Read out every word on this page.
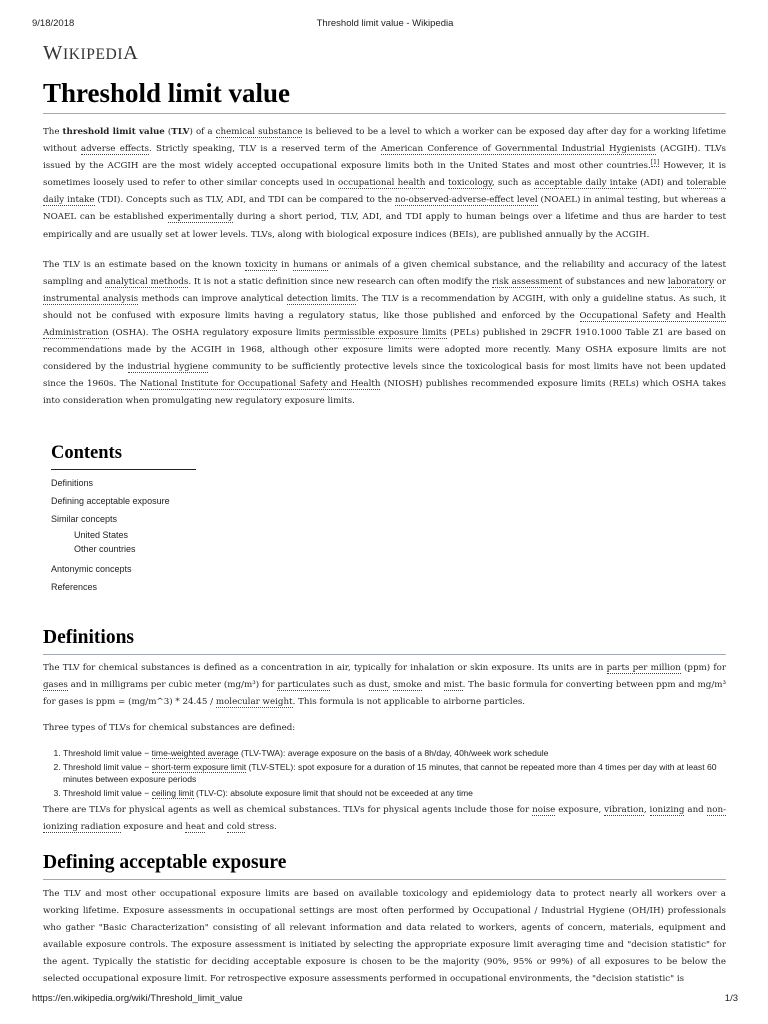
9/18/2018	Threshold limit value - Wikipedia
WIKIPEDIA
Threshold limit value

The threshold limit value (TLV) of a chemical substance is believed to be a level to which a worker can be exposed day after day for a working lifetime without adverse effects. Strictly speaking, TLV is a reserved term of the American Conference of Governmental Industrial Hygienists (ACGIH). TLVs issued by the ACGIH are the most widely accepted occupational exposure limits both in the United States and most other countries.[1] However, it is sometimes loosely used to refer to other similar concepts used in occupational health and toxicology, such as acceptable daily intake (ADI) and tolerable daily intake (TDI). Concepts such as TLV, ADI, and TDI can be compared to the no-observed-adverse-effect level (NOAEL) in animal testing, but whereas a NOAEL can be established experimentally during a short period, TLV, ADI, and TDI apply to human beings over a lifetime and thus are harder to test empirically and are usually set at lower levels. TLVs, along with biological exposure indices (BEIs), are published annually by the ACGIH.

The TLV is an estimate based on the known toxicity in humans or animals of a given chemical substance, and the reliability and accuracy of the latest sampling and analytical methods. It is not a static definition since new research can often modify the risk assessment of substances and new laboratory or instrumental analysis methods can improve analytical detection limits. The TLV is a recommendation by ACGIH, with only a guideline status. As such, it should not be confused with exposure limits having a regulatory status, like those published and enforced by the Occupational Safety and Health Administration (OSHA). The OSHA regulatory exposure limits permissible exposure limits (PELs) published in 29CFR 1910.1000 Table Z1 are based on recommendations made by the ACGIH in 1968, although other exposure limits were adopted more recently. Many OSHA exposure limits are not considered by the industrial hygiene community to be sufficiently protective levels since the toxicological basis for most limits have not been updated since the 1960s. The National Institute for Occupational Safety and Health (NIOSH) publishes recommended exposure limits (RELs) which OSHA takes into consideration when promulgating new regulatory exposure limits.

Contents
Definitions
Defining acceptable exposure
Similar concepts
United States
Other countries
Antonymic concepts
References
Definitions

The TLV for chemical substances is defined as a concentration in air, typically for inhalation or skin exposure. Its units are in parts per million (ppm) for gases and in milligrams per cubic meter (mg/m³) for particulates such as dust, smoke and mist. The basic formula for converting between ppm and mg/m³ for gases is ppm = (mg/m^3) * 24.45 / molecular weight. This formula is not applicable to airborne particles.

Three types of TLVs for chemical substances are defined:

1. Threshold limit value − time-weighted average (TLV-TWA): average exposure on the basis of a 8h/day, 40h/week work schedule
2. Threshold limit value − short-term exposure limit (TLV-STEL): spot exposure for a duration of 15 minutes, that cannot be repeated more than 4 times per day with at least 60 minutes between exposure periods
3. Threshold limit value − ceiling limit (TLV-C): absolute exposure limit that should not be exceeded at any time

There are TLVs for physical agents as well as chemical substances. TLVs for physical agents include those for noise exposure, vibration, ionizing and non-ionizing radiation exposure and heat and cold stress.

Defining acceptable exposure

The TLV and most other occupational exposure limits are based on available toxicology and epidemiology data to protect nearly all workers over a working lifetime. Exposure assessments in occupational settings are most often performed by Occupational / Industrial Hygiene (OH/IH) professionals who gather "Basic Characterization" consisting of all relevant information and data related to workers, agents of concern, materials, equipment and available exposure controls. The exposure assessment is initiated by selecting the appropriate exposure limit averaging time and "decision statistic" for the agent. Typically the statistic for deciding acceptable exposure is chosen to be the majority (90%, 95% or 99%) of all exposures to be below the selected occupational exposure limit. For retrospective exposure assessments performed in occupational environments, the "decision statistic" is

https://en.wikipedia.org/wiki/Threshold_limit_value	1/3
